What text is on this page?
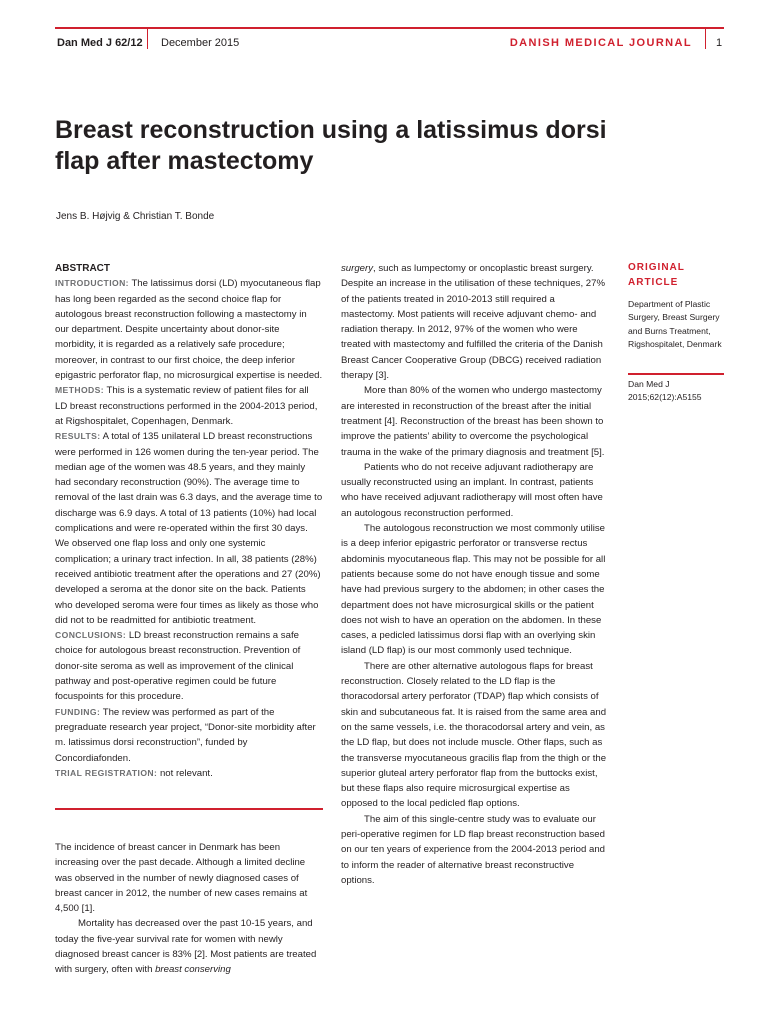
Dan Med J 62/12 December 2015	DANISH MEDICAL JOURNAL 1
Breast reconstruction using a latissimus dorsi flap after mastectomy
Jens B. Højvig & Christian T. Bonde

ABSTRACT

INTRODUCTION: The latissimus dorsi (LD) myocutaneous flap has long been regarded as the second choice flap for autologous breast reconstruction following a mastectomy in our department. Despite uncertainty about donor-site morbidity, it is regarded as a relatively safe procedure; moreover, in contrast to our first choice, the deep inferior epigastric perforator flap, no microsurgical expertise is needed.

METHODS: This is a systematic review of patient files for all LD breast reconstructions performed in the 2004-2013 period, at Rigshospitalet, Copenhagen, Denmark.

RESULTS: A total of 135 unilateral LD breast reconstructions were performed in 126 women during the ten-year period. The median age of the women was 48.5 years, and they mainly had secondary reconstruction (90%). The average time to removal of the last drain was 6.3 days, and the average time to discharge was 6.9 days. A total of 13 patients (10%) had local complications and were re-operated within the first 30 days. We observed one flap loss and only one systemic complication; a urinary tract infection. In all, 38 patients (28%) received antibiotic treatment after the operations and 27 (20%) developed a seroma at the donor site on the back. Patients who developed seroma were four times as likely as those who did not to be readmitted for antibiotic treatment.

CONCLUSIONS: LD breast reconstruction remains a safe choice for autologous breast reconstruction. Prevention of donor-site seroma as well as improvement of the clinical pathway and post-operative regimen could be future focuspoints for this procedure.

FUNDING: The review was performed as part of the pregraduate research year project, “Donor-site morbidity after m. latissimus dorsi reconstruction”, funded by Concordiafonden.

TRIAL REGISTRATION: not relevant.

The incidence of breast cancer in Denmark has been increasing over the past decade. Although a limited decline was observed in the number of newly diagnosed cases of breast cancer in 2012, the number of new cases remains at 4,500 [1].

Mortality has decreased over the past 10-15 years, and today the five-year survival rate for women with newly diagnosed breast cancer is 83% [2]. Most patients are treated with surgery, often with breast conserving

surgery, such as lumpectomy or oncoplastic breast surgery. Despite an increase in the utilisation of these techniques, 27% of the patients treated in 2010-2013 still required a mastectomy. Most patients will receive adjuvant chemo- and radiation therapy. In 2012, 97% of the women who were treated with mastectomy and fulfilled the criteria of the Danish Breast Cancer Cooperative Group (DBCG) received radiation therapy [3].

More than 80% of the women who undergo mastectomy are interested in reconstruction of the breast after the initial treatment [4]. Reconstruction of the breast has been shown to improve the patients’ ability to overcome the psychological trauma in the wake of the primary diagnosis and treatment [5].

Patients who do not receive adjuvant radiotherapy are usually reconstructed using an implant. In contrast, patients who have received adjuvant radiotherapy will most often have an autologous reconstruction performed.

The autologous reconstruction we most commonly utilise is a deep inferior epigastric perforator or transverse rectus abdominis myocutaneous flap. This may not be possible for all patients because some do not have enough tissue and some have had previous surgery to the abdomen; in other cases the department does not have microsurgical skills or the patient does not wish to have an operation on the abdomen. In these cases, a pedicled latissimus dorsi flap with an overlying skin island (LD flap) is our most commonly used technique.

There are other alternative autologous flaps for breast reconstruction. Closely related to the LD flap is the thoracodorsal artery perforator (TDAP) flap which consists of skin and subcutaneous fat. It is raised from the same area and on the same vessels, i.e. the thoracodorsal artery and vein, as the LD flap, but does not include muscle. Other flaps, such as the transverse myocutaneous gracilis flap from the thigh or the superior gluteal artery perforator flap from the buttocks exist, but these flaps also require microsurgical expertise as opposed to the local pedicled flap options.

The aim of this single-centre study was to evaluate our peri-operative regimen for LD flap breast reconstruction based on our ten years of experience from the 2004-2013 period and to inform the reader of alternative breast reconstructive options.

ORIGINAL ARTICLE
Department of Plastic Surgery, Breast Surgery and Burns Treatment, Rigshospitalet, Denmark
Dan Med J 2015;62(12):A5155
